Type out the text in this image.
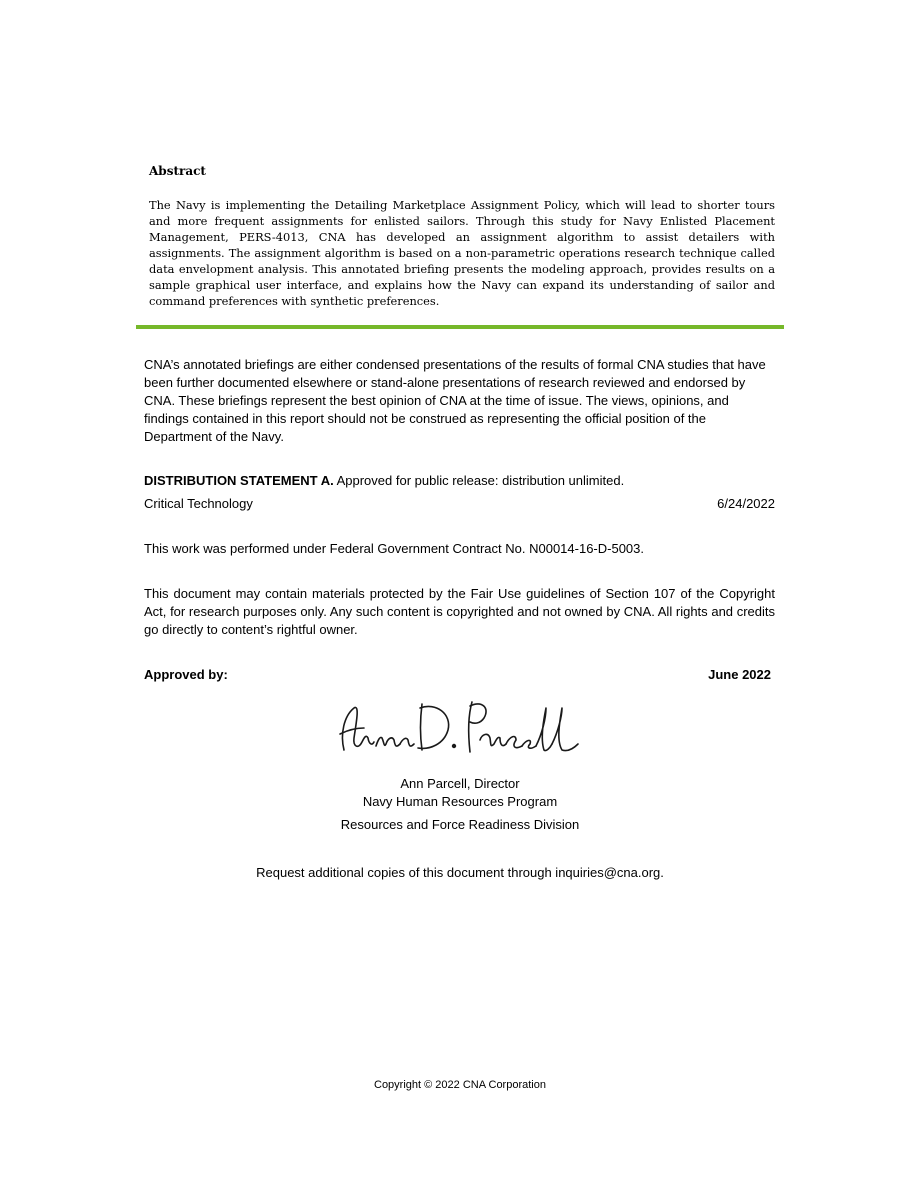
Abstract

The Navy is implementing the Detailing Marketplace Assignment Policy, which will lead to shorter tours and more frequent assignments for enlisted sailors. Through this study for Navy Enlisted Placement Management, PERS-4013, CNA has developed an assignment algorithm to assist detailers with assignments. The assignment algorithm is based on a non-parametric operations research technique called data envelopment analysis. This annotated briefing presents the modeling approach, provides results on a sample graphical user interface, and explains how the Navy can expand its understanding of sailor and command preferences with synthetic preferences.

CNA’s annotated briefings are either condensed presentations of the results of formal CNA studies that have been further documented elsewhere or stand-alone presentations of research reviewed and endorsed by CNA. These briefings represent the best opinion of CNA at the time of issue. The views, opinions, and findings contained in this report should not be construed as representing the official position of the Department of the Navy.

DISTRIBUTION STATEMENT A. Approved for public release: distribution unlimited.

Critical Technology	6/24/2022

This work was performed under Federal Government Contract No. N00014-16-D-5003.

This document may contain materials protected by the Fair Use guidelines of Section 107 of the Copyright Act, for research purposes only. Any such content is copyrighted and not owned by CNA. All rights and credits go directly to content’s rightful owner.

Approved by:	June 2022
Ann Parcell, Director
Navy Human Resources Program
Resources and Force Readiness Division
Request additional copies of this document through inquiries@cna.org.
Copyright © 2022 CNA Corporation
